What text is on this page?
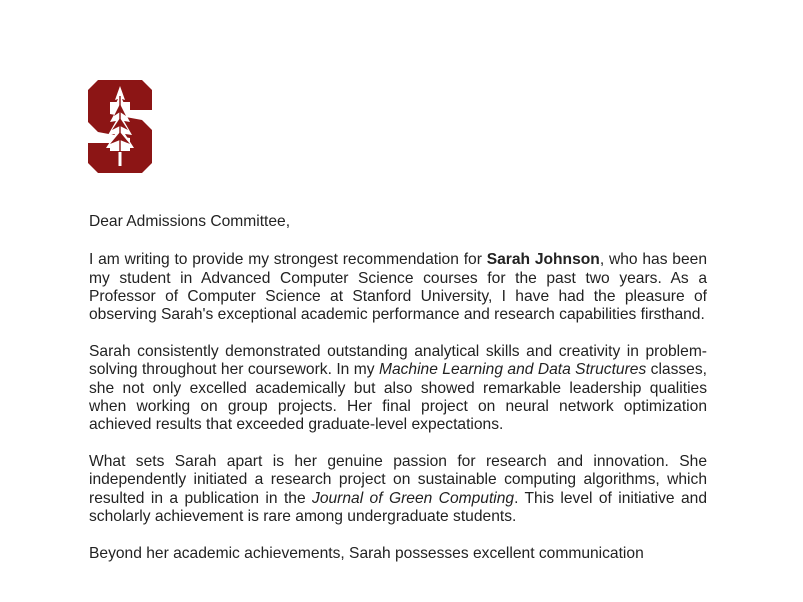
Dear Admissions Committee,

I am writing to provide my strongest recommendation for Sarah Johnson, who has been my student in Advanced Computer Science courses for the past two years. As a Professor of Computer Science at Stanford University, I have had the pleasure of observing Sarah's exceptional academic performance and research capabilities firsthand.

Sarah consistently demonstrated outstanding analytical skills and creativity in problem-solving throughout her coursework. In my Machine Learning and Data Structures classes, she not only excelled academically but also showed remarkable leadership qualities when working on group projects. Her final project on neural network optimization achieved results that exceeded graduate-level expectations.

What sets Sarah apart is her genuine passion for research and innovation. She independently initiated a research project on sustainable computing algorithms, which resulted in a publication in the Journal of Green Computing. This level of initiative and scholarly achievement is rare among undergraduate students.

Beyond her academic achievements, Sarah possesses excellent communication
